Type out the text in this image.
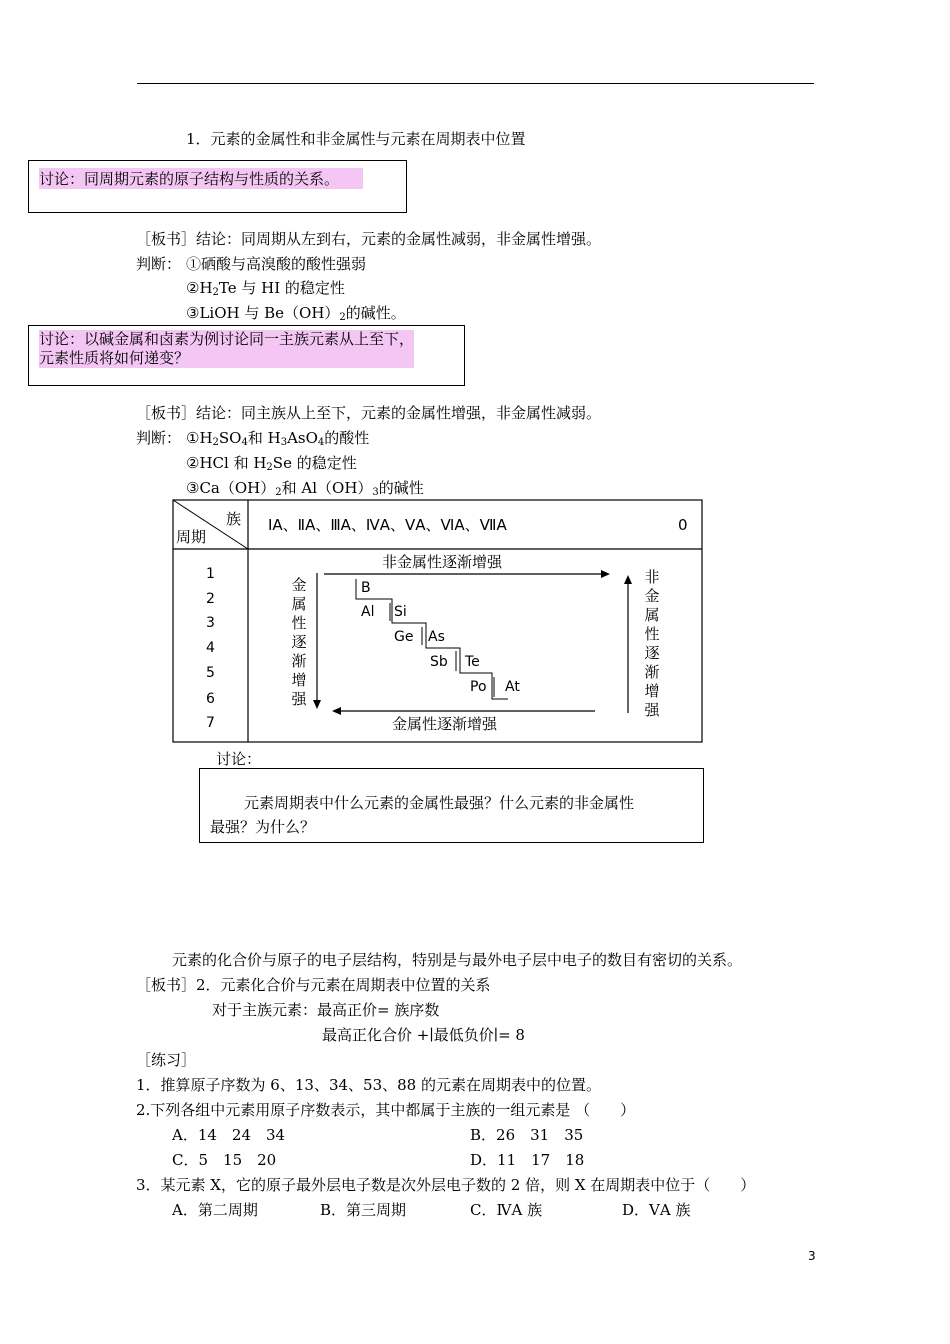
1．元素的金属性和非金属性与元素在周期表中位置
讨论：同周期元素的原子结构与性质的关系。
［板书］结论：同周期从左到右，元素的金属性减弱，非金属性增强。
判断： ①硒酸与高溴酸的酸性强弱
$②H_2Te$ 与 HI 的稳定性
③LiOH 与 $Be(OH)_2$的碱性。
讨论：以碱金属和卤素为例讨论同一主族元素从上至下，
元素性质将如何递变？
［板书］结论：同主族从上至下，元素的金属性增强，非金属性减弱。
判断： $①H_2SO_4$和 $H_3AsO_4$的酸性
②HCl 和 $H_2Se$ 的稳定性
$③Ca(OH)_2$和 $Al(OH)_3$的碱性
族
周期
ⅠA、ⅡA、ⅢA、ⅣA、ⅤA、ⅥA、ⅦA	0
1
2
3
4
5
6
7
非金属性逐渐增强
金属性逐渐增强
B
Al Si
Ge As
Sb Te
Po At
金属性逐渐增强
非金属性逐渐增强
讨论：
元素周期表中什么元素的金属性最强？什么元素的非金属性
最强？为什么？
元素的化合价与原子的电子层结构，特别是与最外电子层中电子的数目有密切的关系。
［板书］2．元素化合价与元素在周期表中位置的关系
对于主族元素：最高正价= 族序数
最高正化合价 +∣最低负价∣= 8
［练习］
1．推算原子序数为 6、13、34、53、88 的元素在周期表中的位置。
2.下列各组中元素用原子序数表示，其中都属于主族的一组元素是 （　　）
A．14　24　34	B．26　31　35
C．5　15　20	D．11　17　18
3．某元素 X，它的原子最外层电子数是次外层电子数的 2 倍，则 X 在周期表中位于（　　）
A．第二周期	B．第三周期	C．ⅣA 族	D．ⅤA 族
3
